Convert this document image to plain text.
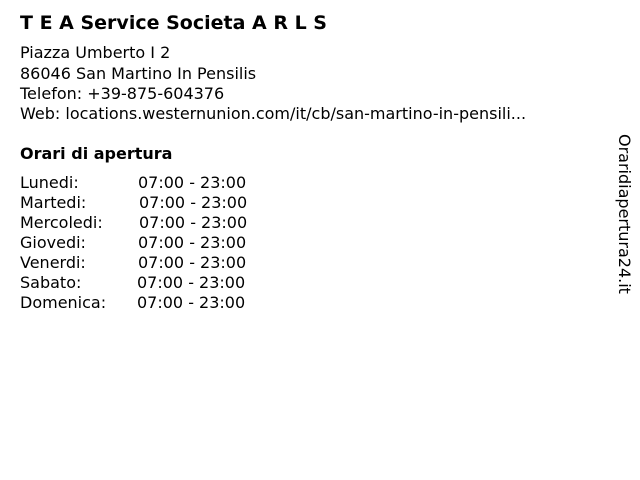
T E A Service Societa A R L S
Piazza Umberto I 2
86046 San Martino In Pensilis
Telefon: +39-875-604376
Web: locations.westernunion.com/it/cb/san-martino-in-pensili...
Orari di apertura
Lunedi:	07:00 - 23:00
Martedi:	07:00 - 23:00
Mercoledi: 07:00 - 23:00
Giovedi:	07:00 - 23:00
Venerdi:	07:00 - 23:00
Sabato:	07:00 - 23:00
Domenica: 07:00 - 23:00
Oraridiapertura24.it
